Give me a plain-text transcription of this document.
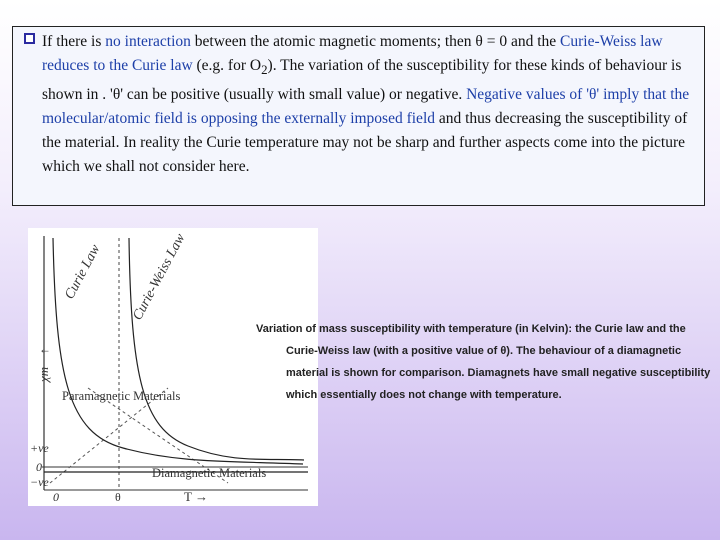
If there is no interaction between the atomic magnetic moments; then θ = 0 and the Curie-Weiss law reduces to the Curie law (e.g. for $O_2$). The variation of the susceptibility for these kinds of behaviour is shown in . 'θ' can be positive (usually with small value) or negative. Negative values of 'θ' imply that the molecular/atomic field is opposing the externally imposed field and thus decreasing the susceptibility of the material. In reality the Curie temperature may not be sharp and further aspects come into the picture which we shall not consider here.
Curie Law Curie-Weiss Law
Paramagnetic Materials
Diamagnetic Materials
χm
↑
+ve
0
−ve
0	θ	T →
Variation of mass susceptibility with temperature (in Kelvin): the Curie law and the
Curie-Weiss law (with a positive value of θ). The behaviour of a diamagnetic
material is shown for comparison. Diamagnets have small negative susceptibility
which essentially does not change with temperature.
